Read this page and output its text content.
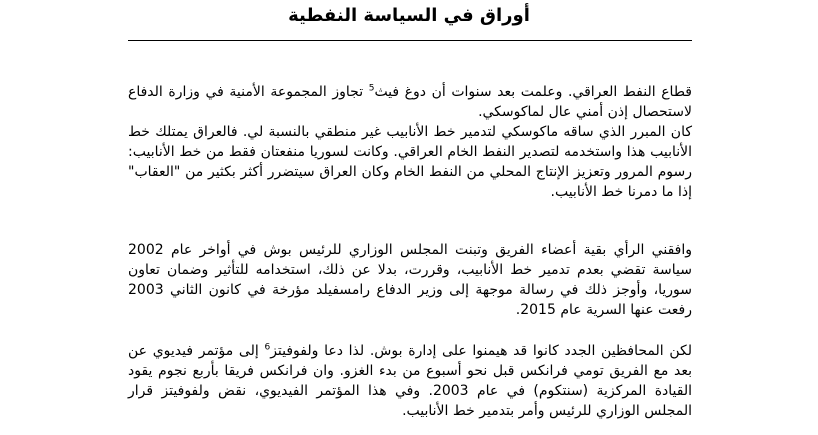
أوراق في السياسة النفطية

قطاع النفط العراقي. وعلمت بعد سنوات أن دوغ فيث$^5$ تجاوز المجموعة الأمنية في وزارة الدفاع لاستحصال إذن أمني عال لماكوسكي.

كان المبرر الذي ساقه ماكوسكي لتدمير خط الأنابيب غير منطقي بالنسبة لي. فالعراق يمتلك خط الأنابيب هذا واستخدمه لتصدير النفط الخام العراقي. وكانت لسوريا منفعتان فقط من خط الأنابيب: رسوم المرور وتعزيز الإنتاج المحلي من النفط الخام وكان العراق سيتضرر أكثر بكثير من "العقاب" إذا ما دمرنا خط الأنابيب.

وافقني الرأي بقية أعضاء الفريق وتبنت المجلس الوزاري للرئيس بوش في أواخر عام 2002 سياسة تقضي بعدم تدمير خط الأنابيب، وقررت، بدلا عن ذلك، استخدامه للتأثير وضمان تعاون سوريا، وأوجز ذلك في رسالة موجهة إلى وزير الدفاع رامسفيلد مؤرخة في كانون الثاني 2003 رفعت عنها السرية عام 2015.

لكن المحافظين الجدد كانوا قد هيمنوا على إدارة بوش. لذا دعا ولفوفيتز$^6$ إلى مؤتمر فيديوي عن بعد مع الفريق تومي فرانكس قبل نحو أسبوع من بدء الغزو. وان فرانكس فريقا بأربع نجوم يقود القيادة المركزية (سنتكوم) في عام 2003. وفي هذا المؤتمر الفيديوي، نقض ولفوفيتز قرار المجلس الوزاري للرئيس وأمر بتدمير خط الأنابيب.
